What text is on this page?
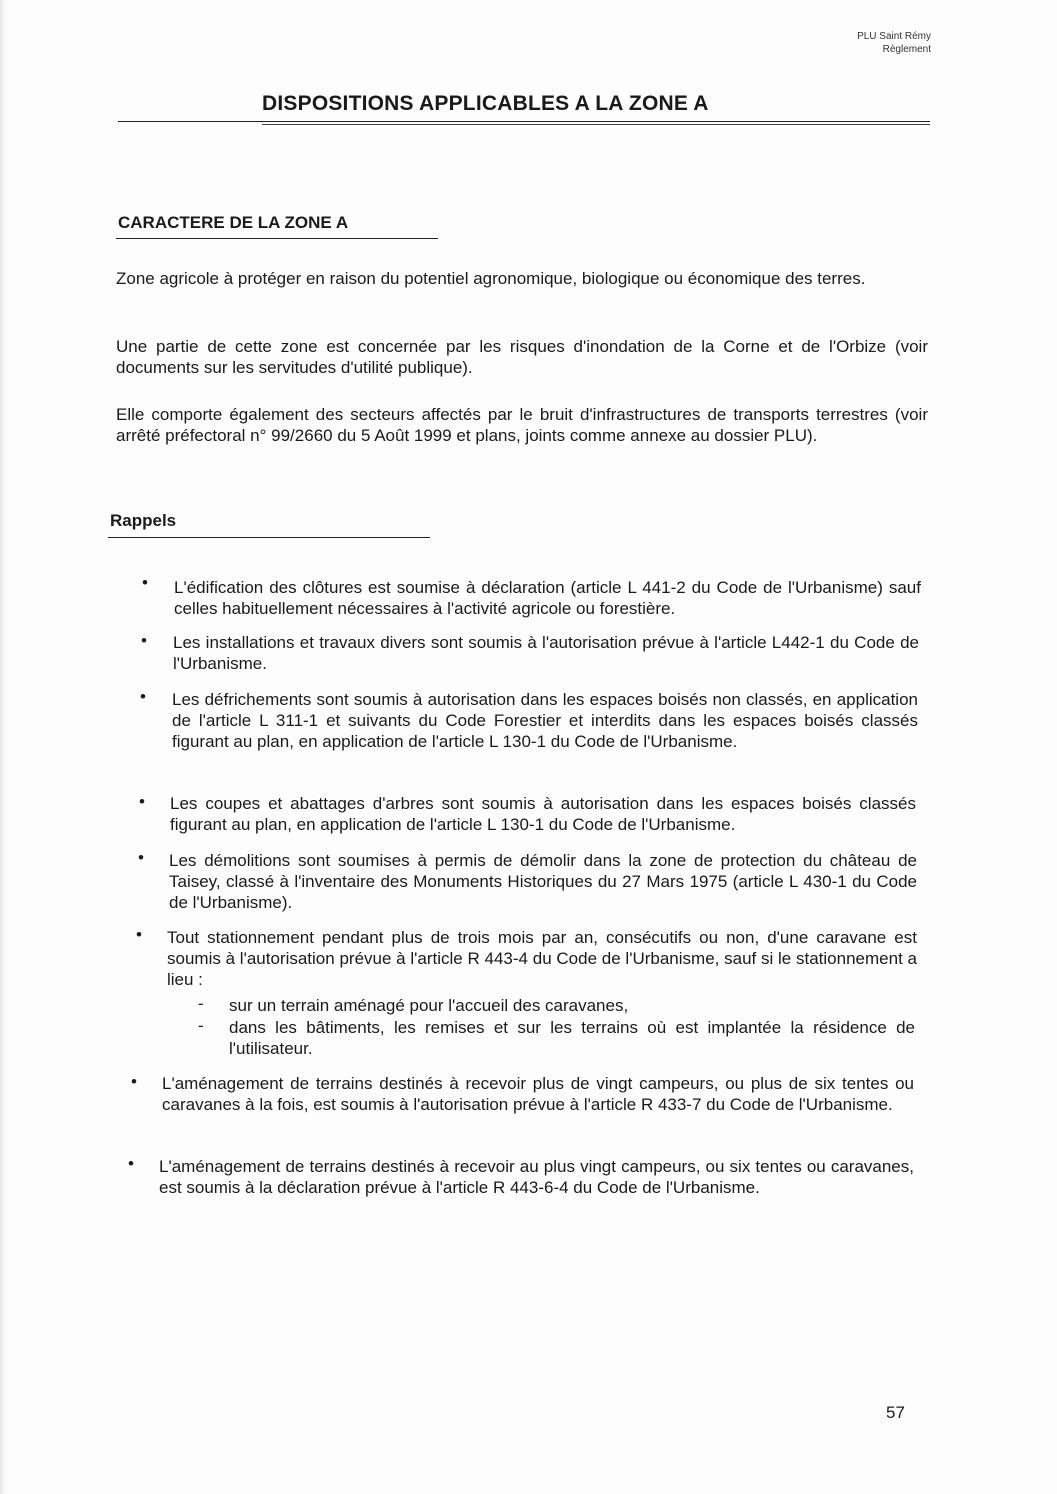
PLU Saint Rémy
Règlement
DISPOSITIONS APPLICABLES A LA ZONE A
CARACTERE DE LA ZONE A
Zone agricole à protéger en raison du potentiel agronomique, biologique ou économique des terres.
Une partie de cette zone est concernée par les risques d'inondation de la Corne et de l'Orbize (voir documents sur les servitudes d'utilité publique).
Elle comporte également des secteurs affectés par le bruit d'infrastructures de transports terrestres (voir arrêté préfectoral n° 99/2660 du 5 Août 1999 et plans, joints comme annexe au dossier PLU).
Rappels
• L'édification des clôtures est soumise à déclaration (article L 441-2 du Code de l'Urbanisme) sauf celles habituellement nécessaires à l'activité agricole ou forestière.
• Les installations et travaux divers sont soumis à l'autorisation prévue à l'article L442-1 du Code de l'Urbanisme.
• Les défrichements sont soumis à autorisation dans les espaces boisés non classés, en application de l'article L 311-1 et suivants du Code Forestier et interdits dans les espaces boisés classés figurant au plan, en application de l'article L 130-1 du Code de l'Urbanisme.
• Les coupes et abattages d'arbres sont soumis à autorisation dans les espaces boisés classés figurant au plan, en application de l'article L 130-1 du Code de l'Urbanisme.
• Les démolitions sont soumises à permis de démolir dans la zone de protection du château de Taisey, classé à l'inventaire des Monuments Historiques du 27 Mars 1975 (article L 430-1 du Code de l'Urbanisme).
• Tout stationnement pendant plus de trois mois par an, consécutifs ou non, d'une caravane est soumis à l'autorisation prévue à l'article R 443-4 du Code de l'Urbanisme, sauf si le stationnement a lieu :
- sur un terrain aménagé pour l'accueil des caravanes,
- dans les bâtiments, les remises et sur les terrains où est implantée la résidence de l'utilisateur.
• L'aménagement de terrains destinés à recevoir plus de vingt campeurs, ou plus de six tentes ou caravanes à la fois, est soumis à l'autorisation prévue à l'article R 433-7 du Code de l'Urbanisme.
• L'aménagement de terrains destinés à recevoir au plus vingt campeurs, ou six tentes ou caravanes, est soumis à la déclaration prévue à l'article R 443-6-4 du Code de l'Urbanisme.
57
